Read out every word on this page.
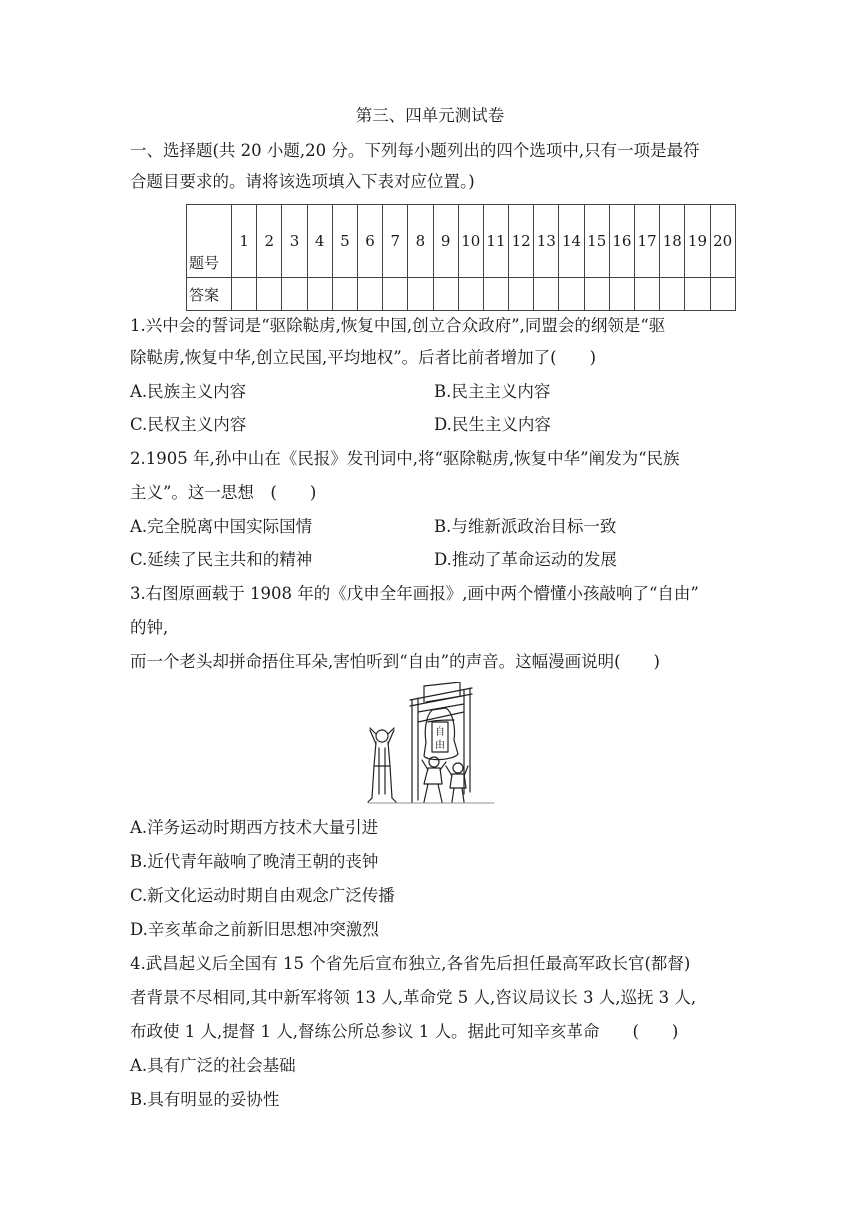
第三、四单元测试卷
一、选择题(共 20 小题,20 分。下列每小题列出的四个选项中,只有一项是最符
合题目要求的。请将该选项填入下表对应位置。)
题号	1	2	3	4	5	6	7	8	9	10	11	12	13	14	15	16	17	18	19	20
答案																				
1.兴中会的誓词是“驱除鞑虏,恢复中国,创立合众政府”,同盟会的纲领是“驱
除鞑虏,恢复中华,创立民国,平均地权”。后者比前者增加了(　　)
A.民族主义内容	B.民主主义内容
C.民权主义内容	D.民生主义内容
2.1905 年,孙中山在《民报》发刊词中,将“驱除鞑虏,恢复中华”阐发为“民族
主义”。这一思想　(　　)
A.完全脱离中国实际国情	B.与维新派政治目标一致
C.延续了民主共和的精神	D.推动了革命运动的发展
3.右图原画载于 1908 年的《戊申全年画报》,画中两个懵懂小孩敲响了“自由”
的钟,
而一个老头却拼命捂住耳朵,害怕听到“自由”的声音。这幅漫画说明(　　)
自
由
A.洋务运动时期西方技术大量引进
B.近代青年敲响了晚清王朝的丧钟
C.新文化运动时期自由观念广泛传播
D.辛亥革命之前新旧思想冲突激烈
4.武昌起义后全国有 15 个省先后宣布独立,各省先后担任最高军政长官(都督)
者背景不尽相同,其中新军将领 13 人,革命党 5 人,咨议局议长 3 人,巡抚 3 人,
布政使 1 人,提督 1 人,督练公所总参议 1 人。据此可知辛亥革命　　(　　)
A.具有广泛的社会基础
B.具有明显的妥协性
